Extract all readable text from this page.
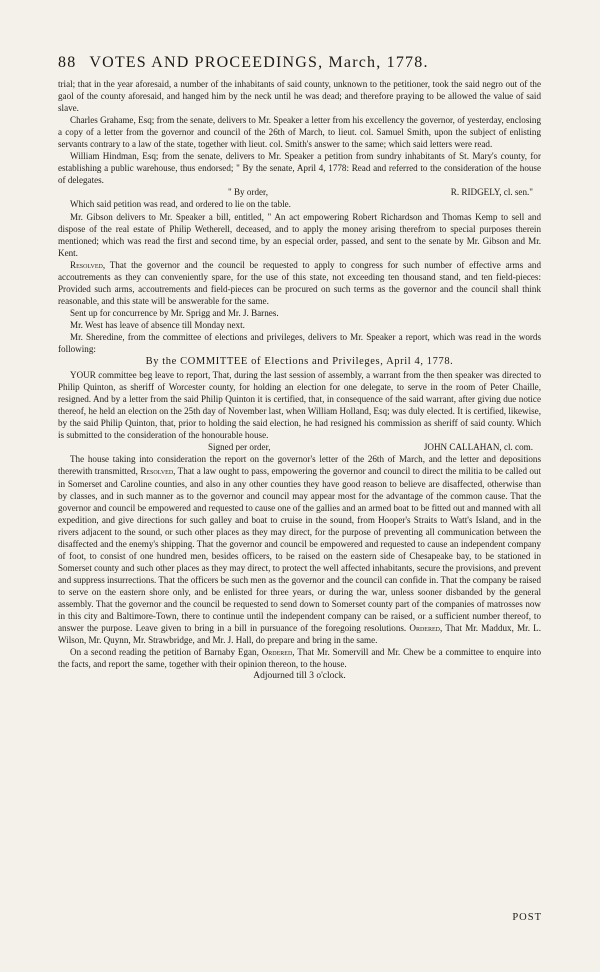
88 VOTES AND PROCEEDINGS, March, 1778.

trial; that in the year aforesaid, a number of the inhabitants of said county, unknown to the petitioner, took the said negro out of the gaol of the county aforesaid, and hanged him by the neck until he was dead; and therefore praying to be allowed the value of said slave.

Charles Grahame, Esq; from the senate, delivers to Mr. Speaker a letter from his excellency the governor, of yesterday, enclosing a copy of a letter from the governor and council of the 26th of March, to lieut. col. Samuel Smith, upon the subject of enlisting servants contrary to a law of the state, together with lieut. col. Smith's answer to the same; which said letters were read.

William Hindman, Esq; from the senate, delivers to Mr. Speaker a petition from sundry inhabitants of St. Mary's county, for establishing a public warehouse, thus endorsed; " By the senate, April 4, 1778: Read and referred to the consideration of the house of delegates.

" By order,	R. RIDGELY, cl. sen."

Which said petition was read, and ordered to lie on the table.

Mr. Gibson delivers to Mr. Speaker a bill, entitled, " An act empowering Robert Richardson and Thomas Kemp to sell and dispose of the real estate of Philip Wetherell, deceased, and to apply the money arising therefrom to special purposes therein mentioned; which was read the first and second time, by an especial order, passed, and sent to the senate by Mr. Gibson and Mr. Kent.

Resolved, That the governor and the council be requested to apply to congress for such number of effective arms and accoutrements as they can conveniently spare, for the use of this state, not exceeding ten thousand stand, and ten field-pieces: Provided such arms, accoutrements and field-pieces can be procured on such terms as the governor and the council shall think reasonable, and this state will be answerable for the same.

Sent up for concurrence by Mr. Sprigg and Mr. J. Barnes.

Mr. West has leave of absence till Monday next.

Mr. Sheredine, from the committee of elections and privileges, delivers to Mr. Speaker a report, which was read in the words following:

By the COMMITTEE of Elections and Privileges, April 4, 1778.

YOUR committee beg leave to report, That, during the last session of assembly, a warrant from the then speaker was directed to Philip Quinton, as sheriff of Worcester county, for holding an election for one delegate, to serve in the room of Peter Chaille, resigned. And by a letter from the said Philip Quinton it is certified, that, in consequence of the said warrant, after giving due notice thereof, he held an election on the 25th day of November last, when William Holland, Esq; was duly elected. It is certified, likewise, by the said Philip Quinton, that, prior to holding the said election, he had resigned his commission as sheriff of said county. Which is submitted to the consideration of the honourable house.

Signed per order,	JOHN CALLAHAN, cl. com.

The house taking into consideration the report on the governor's letter of the 26th of March, and the letter and depositions therewith transmitted, Resolved, That a law ought to pass, empowering the governor and council to direct the militia to be called out in Somerset and Caroline counties, and also in any other counties they have good reason to believe are disaffected, otherwise than by classes, and in such manner as to the governor and council may appear most for the advantage of the common cause. That the governor and council be empowered and requested to cause one of the gallies and an armed boat to be fitted out and manned with all expedition, and give directions for such galley and boat to cruise in the sound, from Hooper's Straits to Watt's Island, and in the rivers adjacent to the sound, or such other places as they may direct, for the purpose of preventing all communication between the disaffected and the enemy's shipping. That the governor and council be empowered and requested to cause an independent company of foot, to consist of one hundred men, besides officers, to be raised on the eastern side of Chesapeake bay, to be stationed in Somerset county and such other places as they may direct, to protect the well affected inhabitants, secure the provisions, and prevent and suppress insurrections. That the officers be such men as the governor and the council can confide in. That the company be raised to serve on the eastern shore only, and be enlisted for three years, or during the war, unless sooner disbanded by the general assembly. That the governor and the council be requested to send down to Somerset county part of the companies of matrosses now in this city and Baltimore-Town, there to continue until the independent company can be raised, or a sufficient number thereof, to answer the purpose. Leave given to bring in a bill in pursuance of the foregoing resolutions. Ordered, That Mr. Maddux, Mr. L. Wilson, Mr. Quynn, Mr. Strawbridge, and Mr. J. Hall, do prepare and bring in the same.

On a second reading the petition of Barnaby Egan, Ordered, That Mr. Somervill and Mr. Chew be a committee to enquire into the facts, and report the same, together with their opinion thereon, to the house.

Adjourned till 3 o'clock.

POST
